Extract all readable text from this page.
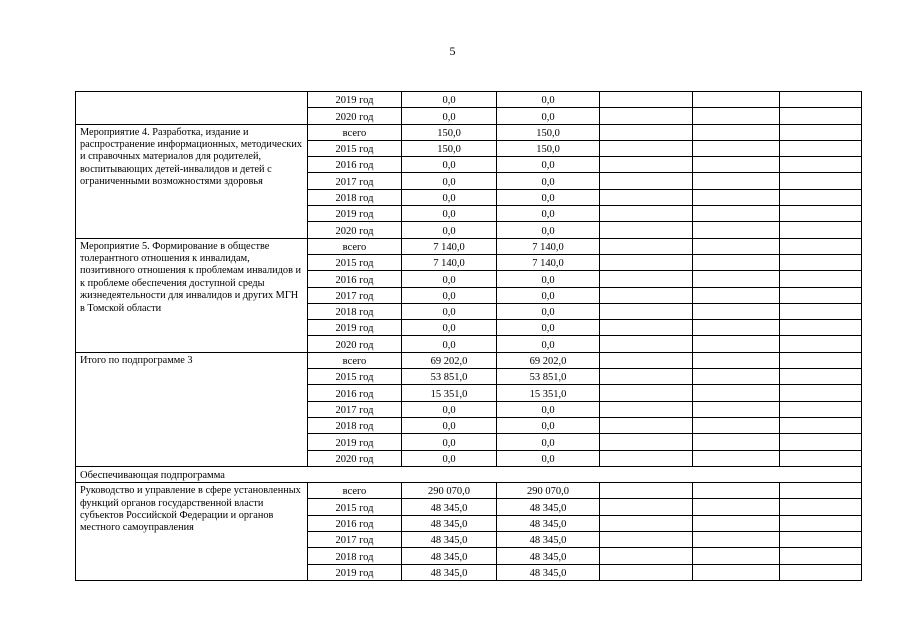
5
	2019 год	0,0	0,0			
	2020 год	0,0	0,0			
Мероприятие 4. Разработка, издание и распространение информационных, методических и справочных материалов для родителей, воспитывающих детей-инвалидов и детей с ограниченными возможностями здоровья	всего	150,0	150,0			
	2015 год	150,0	150,0			
	2016 год	0,0	0,0			
	2017 год	0,0	0,0			
	2018 год	0,0	0,0			
	2019 год	0,0	0,0			
	2020 год	0,0	0,0			
Мероприятие 5. Формирование в обществе толерантного отношения к инвалидам, позитивного отношения к проблемам инвалидов и к проблеме обеспечения доступной среды жизнедеятельности для инвалидов и других МГН в Томской области	всего	7 140,0	7 140,0			
	2015 год	7 140,0	7 140,0			
	2016 год	0,0	0,0			
	2017 год	0,0	0,0			
	2018 год	0,0	0,0			
	2019 год	0,0	0,0			
	2020 год	0,0	0,0			
Итого по подпрограмме 3	всего	69 202,0	69 202,0			
	2015 год	53 851,0	53 851,0			
	2016 год	15 351,0	15 351,0			
	2017 год	0,0	0,0			
	2018 год	0,0	0,0			
	2019 год	0,0	0,0			
	2020 год	0,0	0,0			
Обеспечивающая подпрограмма						
Руководство и управление в сфере установленных функций органов государственной власти субъектов Российской Федерации и органов местного самоуправления	всего	290 070,0	290 070,0			
	2015 год	48 345,0	48 345,0			
	2016 год	48 345,0	48 345,0			
	2017 год	48 345,0	48 345,0			
	2018 год	48 345,0	48 345,0			
	2019 год	48 345,0	48 345,0			
